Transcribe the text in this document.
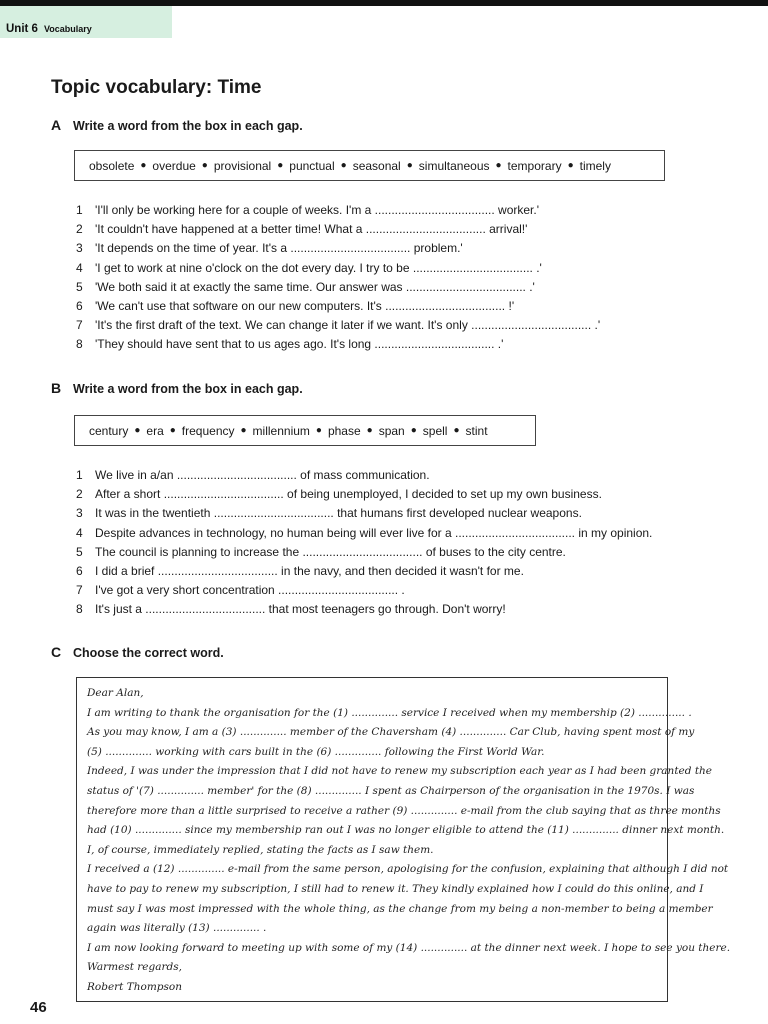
Unit 6 Vocabulary
Topic vocabulary: Time
A Write a word from the box in each gap.
obsolete ● overdue ● provisional ● punctual ● seasonal ● simultaneous ● temporary ● timely
1 'I'll only be working here for a couple of weeks. I'm a .................................... worker.'
2 'It couldn't have happened at a better time! What a .................................... arrival!'
3 'It depends on the time of year. It's a .................................... problem.'
4 'I get to work at nine o'clock on the dot every day. I try to be .................................... .'
5 'We both said it at exactly the same time. Our answer was .................................... .'
6 'We can't use that software on our new computers. It's .................................... !'
7 'It's the first draft of the text. We can change it later if we want. It's only .................................... .'
8 'They should have sent that to us ages ago. It's long .................................... .'
B Write a word from the box in each gap.
century ● era ● frequency ● millennium ● phase ● span ● spell ● stint
1 We live in a/an .................................... of mass communication.
2 After a short .................................... of being unemployed, I decided to set up my own business.
3 It was in the twentieth .................................... that humans first developed nuclear weapons.
4 Despite advances in technology, no human being will ever live for a .................................... in my opinion.
5 The council is planning to increase the .................................... of buses to the city centre.
6 I did a brief .................................... in the navy, and then decided it wasn't for me.
7 I've got a very short concentration .................................... .
8 It's just a .................................... that most teenagers go through. Don't worry!
C Choose the correct word.
Dear Alan,
I am writing to thank the organisation for the (1) .............. service I received when my membership (2) .............. .
As you may know, I am a (3) .............. member of the Chaversham (4) .............. Car Club, having spent most of my
(5) .............. working with cars built in the (6) .............. following the First World War.
Indeed, I was under the impression that I did not have to renew my subscription each year as I had been granted the
status of '(7) .............. member' for the (8) .............. I spent as Chairperson of the organisation in the 1970s. I was
therefore more than a little surprised to receive a rather (9) .............. e-mail from the club saying that as three months
had (10) .............. since my membership ran out I was no longer eligible to attend the (11) .............. dinner next month.
I, of course, immediately replied, stating the facts as I saw them.
I received a (12) .............. e-mail from the same person, apologising for the confusion, explaining that although I did not
have to pay to renew my subscription, I still had to renew it. They kindly explained how I could do this online, and I
must say I was most impressed with the whole thing, as the change from my being a non-member to being a member
again was literally (13) .............. .
I am now looking forward to meeting up with some of my (14) .............. at the dinner next week. I hope to see you there.
Warmest regards,
Robert Thompson
46
